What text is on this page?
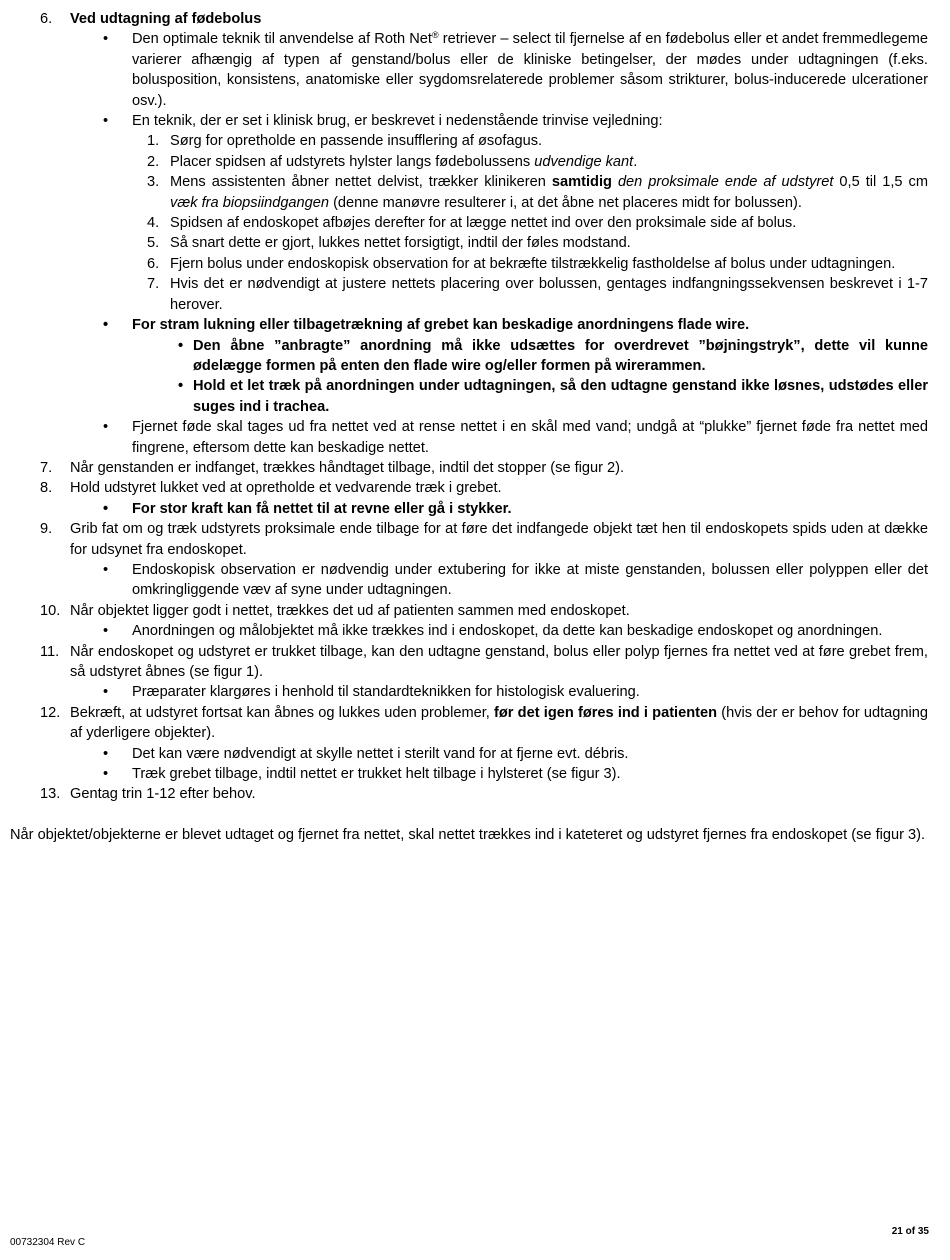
6. Ved udtagning af fødebolus
• Den optimale teknik til anvendelse af Roth Net® retriever – select til fjernelse af en fødebolus eller et andet fremmedlegeme varierer afhængig af typen af genstand/bolus eller de kliniske betingelser, der mødes under udtagningen (f.eks. bolusposition, konsistens, anatomiske eller sygdomsrelaterede problemer såsom strikturer, bolus-inducerede ulcerationer osv.).
• En teknik, der er set i klinisk brug, er beskrevet i nedenstående trinvise vejledning:
1. Sørg for opretholde en passende insufflering af øsofagus.
2. Placer spidsen af udstyrets hylster langs fødebolussens udvendige kant.
3. Mens assistenten åbner nettet delvist, trækker klinikeren samtidig den proksimale ende af udstyret 0,5 til 1,5 cm væk fra biopsiindgangen (denne manøvre resulterer i, at det åbne net placeres midt for bolussen).
4. Spidsen af endoskopet afbøjes derefter for at lægge nettet ind over den proksimale side af bolus.
5. Så snart dette er gjort, lukkes nettet forsigtigt, indtil der føles modstand.
6. Fjern bolus under endoskopisk observation for at bekræfte tilstrækkelig fastholdelse af bolus under udtagningen.
7. Hvis det er nødvendigt at justere nettets placering over bolussen, gentages indfangningssekvensen beskrevet i 1-7 herover.
• For stram lukning eller tilbagetrækning af grebet kan beskadige anordningens flade wire.
• Den åbne ”anbragte” anordning må ikke udsættes for overdrevet ”bøjningstryk”, dette vil kunne ødelægge formen på enten den flade wire og/eller formen på wirerammen.
• Hold et let træk på anordningen under udtagningen, så den udtagne genstand ikke løsnes, udstødes eller suges ind i trachea.
• Fjernet føde skal tages ud fra nettet ved at rense nettet i en skål med vand; undgå at “plukke” fjernet føde fra nettet med fingrene, eftersom dette kan beskadige nettet.
7. Når genstanden er indfanget, trækkes håndtaget tilbage, indtil det stopper (se figur 2).
8. Hold udstyret lukket ved at opretholde et vedvarende træk i grebet.
• For stor kraft kan få nettet til at revne eller gå i stykker.
9. Grib fat om og træk udstyrets proksimale ende tilbage for at føre det indfangede objekt tæt hen til endoskopets spids uden at dække for udsynet fra endoskopet.
• Endoskopisk observation er nødvendig under extubering for ikke at miste genstanden, bolussen eller polyppen eller det omkringliggende væv af syne under udtagningen.
10. Når objektet ligger godt i nettet, trækkes det ud af patienten sammen med endoskopet.
• Anordningen og målobjektet må ikke trækkes ind i endoskopet, da dette kan beskadige endoskopet og anordningen.
11. Når endoskopet og udstyret er trukket tilbage, kan den udtagne genstand, bolus eller polyp fjernes fra nettet ved at føre grebet frem, så udstyret åbnes (se figur 1).
• Præparater klargøres i henhold til standardteknikken for histologisk evaluering.
12. Bekræft, at udstyret fortsat kan åbnes og lukkes uden problemer, før det igen føres ind i patienten (hvis der er behov for udtagning af yderligere objekter).
• Det kan være nødvendigt at skylle nettet i sterilt vand for at fjerne evt. débris.
• Træk grebet tilbage, indtil nettet er trukket helt tilbage i hylsteret (se figur 3).
13. Gentag trin 1-12 efter behov.
Når objektet/objekterne er blevet udtaget og fjernet fra nettet, skal nettet trækkes ind i kateteret og udstyret fjernes fra endoskopet (se figur 3).
21 of 35
00732304 Rev C
